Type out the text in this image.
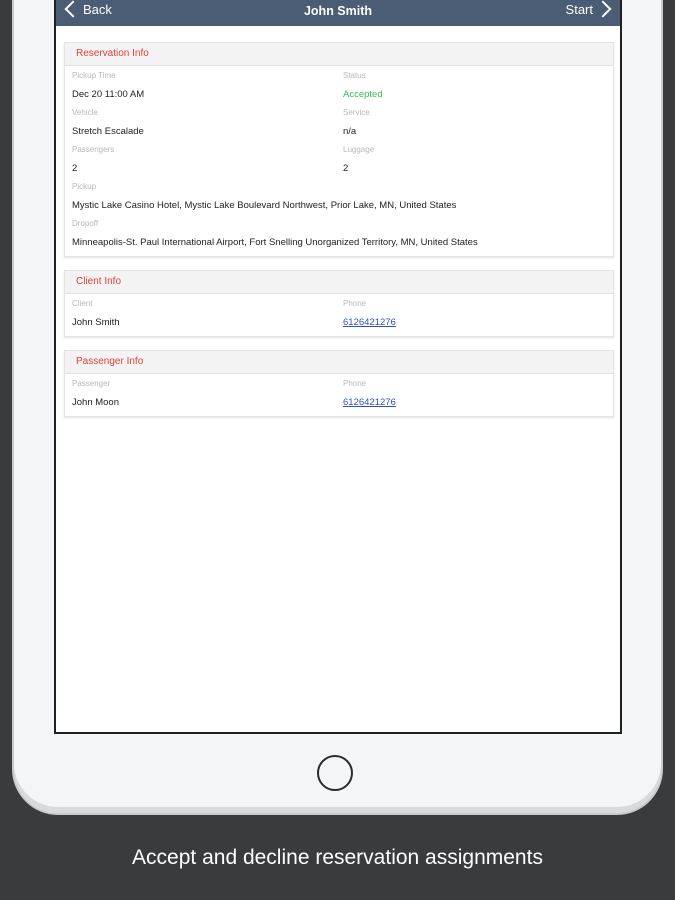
Back	John Smith	Start
Reservation Info
Pickup Time
Dec 20 11:00 AM
Status
Accepted
Vehicle
Stretch Escalade
Service
n/a
Passengers
2
Luggage
2
Pickup
Mystic Lake Casino Hotel, Mystic Lake Boulevard Northwest, Prior Lake, MN, United States
Dropoff
Minneapolis-St. Paul International Airport, Fort Snelling Unorganized Territory, MN, United States
Client Info
Client
John Smith
Phone
6126421276
Passenger Info
Passenger
John Moon
Phone
6126421276
Accept and decline reservation assignments
